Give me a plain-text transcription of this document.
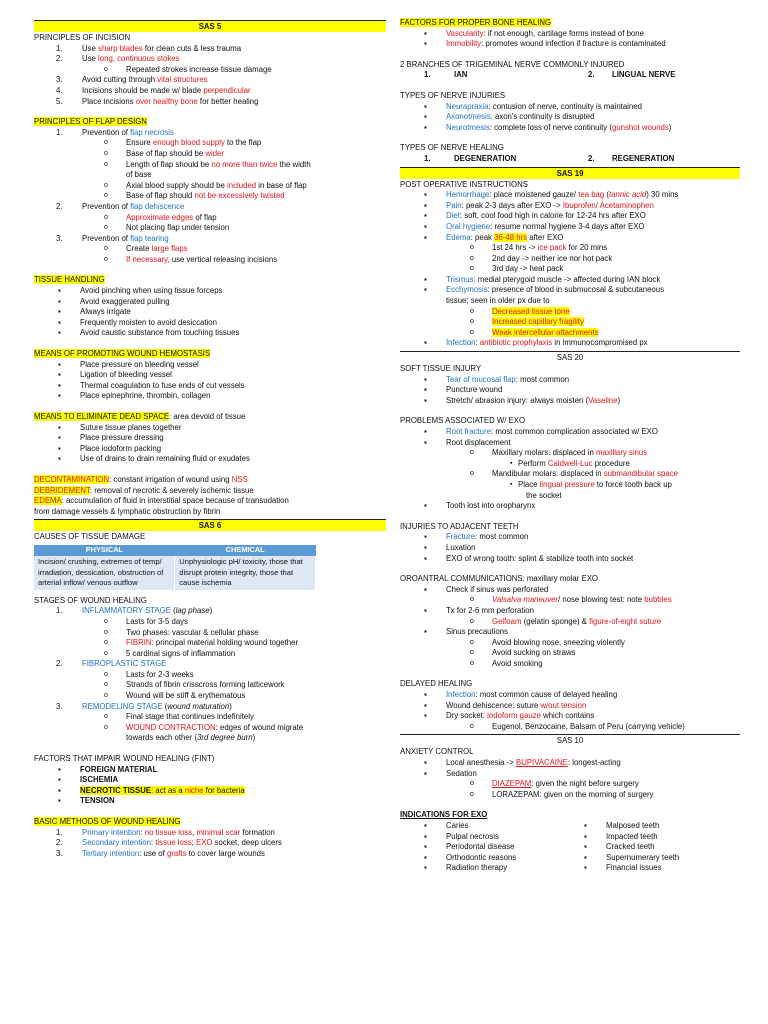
SAS 5
PRINCIPLES OF INCISION
1.	Use sharp blades for clean cuts & less trauma
2.	Use long, continuous stokes
o Repeated strokes increase tissue damage
3.	Avoid cutting through vital structures
4.	Incisions should be made w/ blade perpendicular
5.	Place incisions over healthy bone for better healing
PRINCIPLES OF FLAP DESIGN
1.	Prevention of flap necrosis
o Ensure enough blood supply to the flap
o Base of flap should be wider
o Length of flap should be no more than twice the width
of base
o Axial blood supply should be included in base of flap
o Base of flap should not be excessively twisted
2.	Prevention of flap dehiscence
o Approximate edges of flap
o Not placing flap under tension
3.	Prevention of flap tearing
o Create large flaps
o If necessary, use vertical releasing incisions
TISSUE HANDLING
▪ Avoid pinching when using tissue forceps
▪ Avoid exaggerated pulling
▪ Always irrigate
▪ Frequently moisten to avoid desiccation
▪ Avoid caustic substance from touching tissues
MEANS OF PROMOTING WOUND HEMOSTASIS
▪ Place pressure on bleeding vessel
▪ Ligation of bleeding vessel
▪ Thermal coagulation to fuse ends of cut vessels
▪ Place epinephrine, thrombin, collagen
MEANS TO ELIMINATE DEAD SPACE: area devoid of tissue
▪ Suture tissue planes together
▪ Place pressure dressing
▪ Place iodoform packing
▪ Use of drains to drain remaining fluid or exudates
DECONTAMINATION: constant irrigation of wound using NSS
DEBRIDEMENT: removal of necrotic & severely ischemic tissue
EDEMA: accumulation of fluid in interstitial space because of transudation
from damage vessels & lymphatic obstruction by fibrin
SAS 6
CAUSES OF TISSUE DAMAGE
PHYSICAL	CHEMICAL
Incision/ crushing, extremes of temp/ irradiation, dessication, obstruction of arterial inflow/ venous outflow	Unphysiologic pH/ toxicity, those that disrupt protein integrity, those that cause ischemia
STAGES OF WOUND HEALING
1.	INFLAMMATORY STAGE (lag phase)
o Lasts for 3-5 days
o Two phases: vascular & cellular phase
o FIBRIN: principal material holding wound together
o 5 cardinal signs of inflammation
2.	FIBROPLASTIC STAGE
o Lasts for 2-3 weeks
o Strands of fibrin crisscross forming latticework
o Wound will be stiff & erythematous
3.	REMODELING STAGE (wound maturation)
o Final stage that continues indefinitely
o WOUND CONTRACTION: edges of wound migrate
towards each other (3rd degree burn)
FACTORS THAT IMPAIR WOUND HEALING (FINT)
▪ FOREIGN MATERIAL
▪ ISCHEMIA
▪ NECROTIC TISSUE: act as a niche for bacteria
▪ TENSION
BASIC METHODS OF WOUND HEALING
1.	Primary intention: no tissue loss, minimal scar formation
2.	Secondary intention: tissue loss; EXO socket, deep ulcers
3.	Tertiary intention: use of grafts to cover large wounds
FACTORS FOR PROPER BONE HEALING
▪ Vascularity: if not enough, cartilage forms instead of bone
▪ Immobility: promotes wound infection if fracture is contaminated
2 BRANCHES OF TRIGEMINAL NERVE COMMONLY INJURED
1.	IAN	2.	LINGUAL NERVE
TYPES OF NERVE INJURIES
▪ Neurapraxia: contusion of nerve, continuity is maintained
▪ Axonotmesis: axon's continuity is disrupted
▪ Neurotmesis: complete loss of nerve continuity (gunshot wounds)
TYPES OF NERVE HEALING
1.	DEGENERATION	2.	REGENERATION
SAS 19
POST OPERATIVE INSTRUCTIONS
▪ Hemorrhage: place moistened gauze/ tea bag (tannic acid) 30 mins
▪ Pain: peak 2-3 days after EXO -> Ibuprofen/ Acetaminophen
▪ Diet: soft, cool food high in calorie for 12-24 hrs after EXO
▪ Oral hygiene: resume normal hygiene 3-4 days after EXO
▪ Edema: peak 36-48 hrs after EXO
o 1st 24 hrs -> ice pack for 20 mins
o 2nd day -> neither ice nor hot pack
o 3rd day -> heat pack
▪ Trismus: medial pterygoid muscle -> affected during IAN block
▪ Ecchymosis: presence of blood in submucosal & subcutaneous
tissue; seen in older px due to
o Decreased tissue tone
o Increased capillary fragility
o Weak intercellular attachments
▪ Infection: antibiotic prophylaxis in immunocompromised px
SAS 20
SOFT TISSUE INJURY
▪ Tear of mucosal flap: most common
▪ Puncture wound
▪ Stretch/ abrasion injury: always moisten (Vaseline)
PROBLEMS ASSOCIATED W/ EXO
▪ Root fracture: most common complication associated w/ EXO
▪ Root displacement
o Maxillary molars: displaced in maxillary sinus
▪ Perform Caldwell-Luc procedure
o Mandibular molars: displaced in submandibular space
▪ Place lingual pressure to force tooth back up
the socket
▪ Tooth lost into oropharynx
INJURIES TO ADJACENT TEETH
▪ Fracture: most common
▪ Luxation
▪ EXO of wrong tooth: splint & stabilize tooth into socket
OROANTRAL COMMUNICATIONS: maxillary molar EXO
▪ Check if sinus was perforated
o Valsalva maneuver/ nose blowing test: note bubbles
▪ Tx for 2-6 mm perforation
o Gelfoam (gelatin sponge) & figure-of-eight suture
▪ Sinus precautions
o Avoid blowing nose, sneezing violently
o Avoid sucking on straws
o Avoid smoking
DELAYED HEALING
▪ Infection: most common cause of delayed healing
▪ Wound dehiscence: suture w/out tension
▪ Dry socket: iodoform gauze which contains
o Eugenol, Benzocaine, Balsam of Peru (carrying vehicle)
SAS 10
ANXIETY CONTROL
▪ Local anesthesia -> BUPIVACAINE: longest-acting
▪ Sedation
o DIAZEPAM: given the night before surgery
o LORAZEPAM: given on the morning of surgery
INDICATIONS FOR EXO
▪ Caries
▪ Pulpal necrosis
▪ Periodontal disease
▪ Orthodontic reasons
▪ Radiation therapy
▪ Malposed teeth
▪ Impacted teeth
▪ Cracked teeth
▪ Supernumerary teeth
▪ Financial issues
